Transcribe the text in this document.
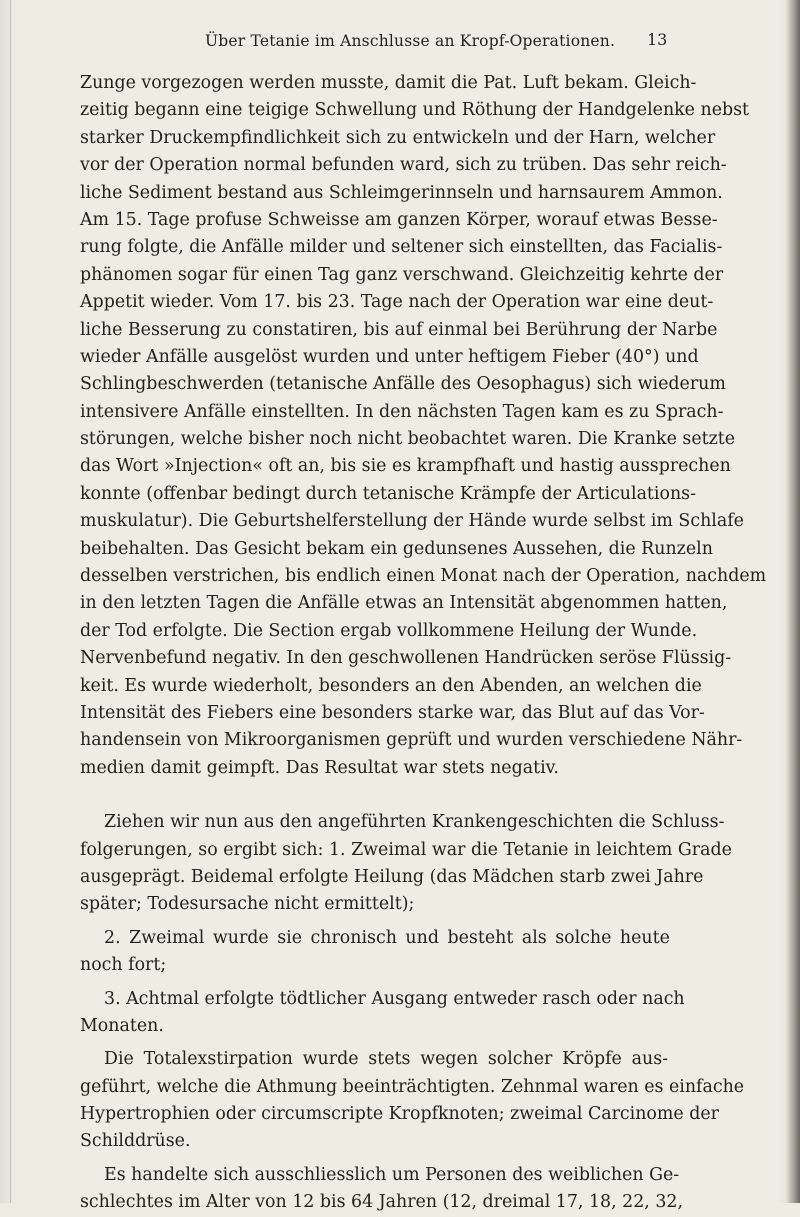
Über Tetanie im Anschlusse an Kropf-Operationen. 13
Zunge vorgezogen werden musste, damit die Pat. Luft bekam. Gleich-
zeitig begann eine teigige Schwellung und Röthung der Handgelenke nebst
starker Druckempfindlichkeit sich zu entwickeln und der Harn, welcher
vor der Operation normal befunden ward, sich zu trüben. Das sehr reich-
liche Sediment bestand aus Schleimgerinnseln und harnsaurem Ammon.
Am 15. Tage profuse Schweisse am ganzen Körper, worauf etwas Besse-
rung folgte, die Anfälle milder und seltener sich einstellten, das Facialis-
phänomen sogar für einen Tag ganz verschwand. Gleichzeitig kehrte der
Appetit wieder. Vom 17. bis 23. Tage nach der Operation war eine deut-
liche Besserung zu constatiren, bis auf einmal bei Berührung der Narbe
wieder Anfälle ausgelöst wurden und unter heftigem Fieber (40°) und
Schlingbeschwerden (tetanische Anfälle des Oesophagus) sich wiederum
intensivere Anfälle einstellten. In den nächsten Tagen kam es zu Sprach-
störungen, welche bisher noch nicht beobachtet waren. Die Kranke setzte
das Wort »Injection« oft an, bis sie es krampfhaft und hastig aussprechen
konnte (offenbar bedingt durch tetanische Krämpfe der Articulations-
muskulatur). Die Geburtshelferstellung der Hände wurde selbst im Schlafe
beibehalten. Das Gesicht bekam ein gedunsenes Aussehen, die Runzeln
desselben verstrichen, bis endlich einen Monat nach der Operation, nachdem
in den letzten Tagen die Anfälle etwas an Intensität abgenommen hatten,
der Tod erfolgte. Die Section ergab vollkommene Heilung der Wunde.
Nervenbefund negativ. In den geschwollenen Handrücken seröse Flüssig-
keit. Es wurde wiederholt, besonders an den Abenden, an welchen die
Intensität des Fiebers eine besonders starke war, das Blut auf das Vor-
handensein von Mikroorganismen geprüft und wurden verschiedene Nähr-
medien damit geimpft. Das Resultat war stets negativ.
Ziehen wir nun aus den angeführten Krankengeschichten die Schluss-
folgerungen, so ergibt sich: 1. Zweimal war die Tetanie in leichtem Grade
ausgeprägt. Beidemal erfolgte Heilung (das Mädchen starb zwei Jahre
später; Todesursache nicht ermittelt);
2. Zweimal wurde sie chronisch und besteht als solche heute
noch fort;
3. Achtmal erfolgte tödtlicher Ausgang entweder rasch oder nach
Monaten.
Die Totalexstirpation wurde stets wegen solcher Kröpfe aus-
geführt, welche die Athmung beeinträchtigten. Zehnmal waren es einfache
Hypertrophien oder circumscripte Kropfknoten; zweimal Carcinome der
Schilddrüse.
Es handelte sich ausschliesslich um Personen des weiblichen Ge-
schlechtes im Alter von 12 bis 64 Jahren (12, dreimal 17, 18, 22, 32,
